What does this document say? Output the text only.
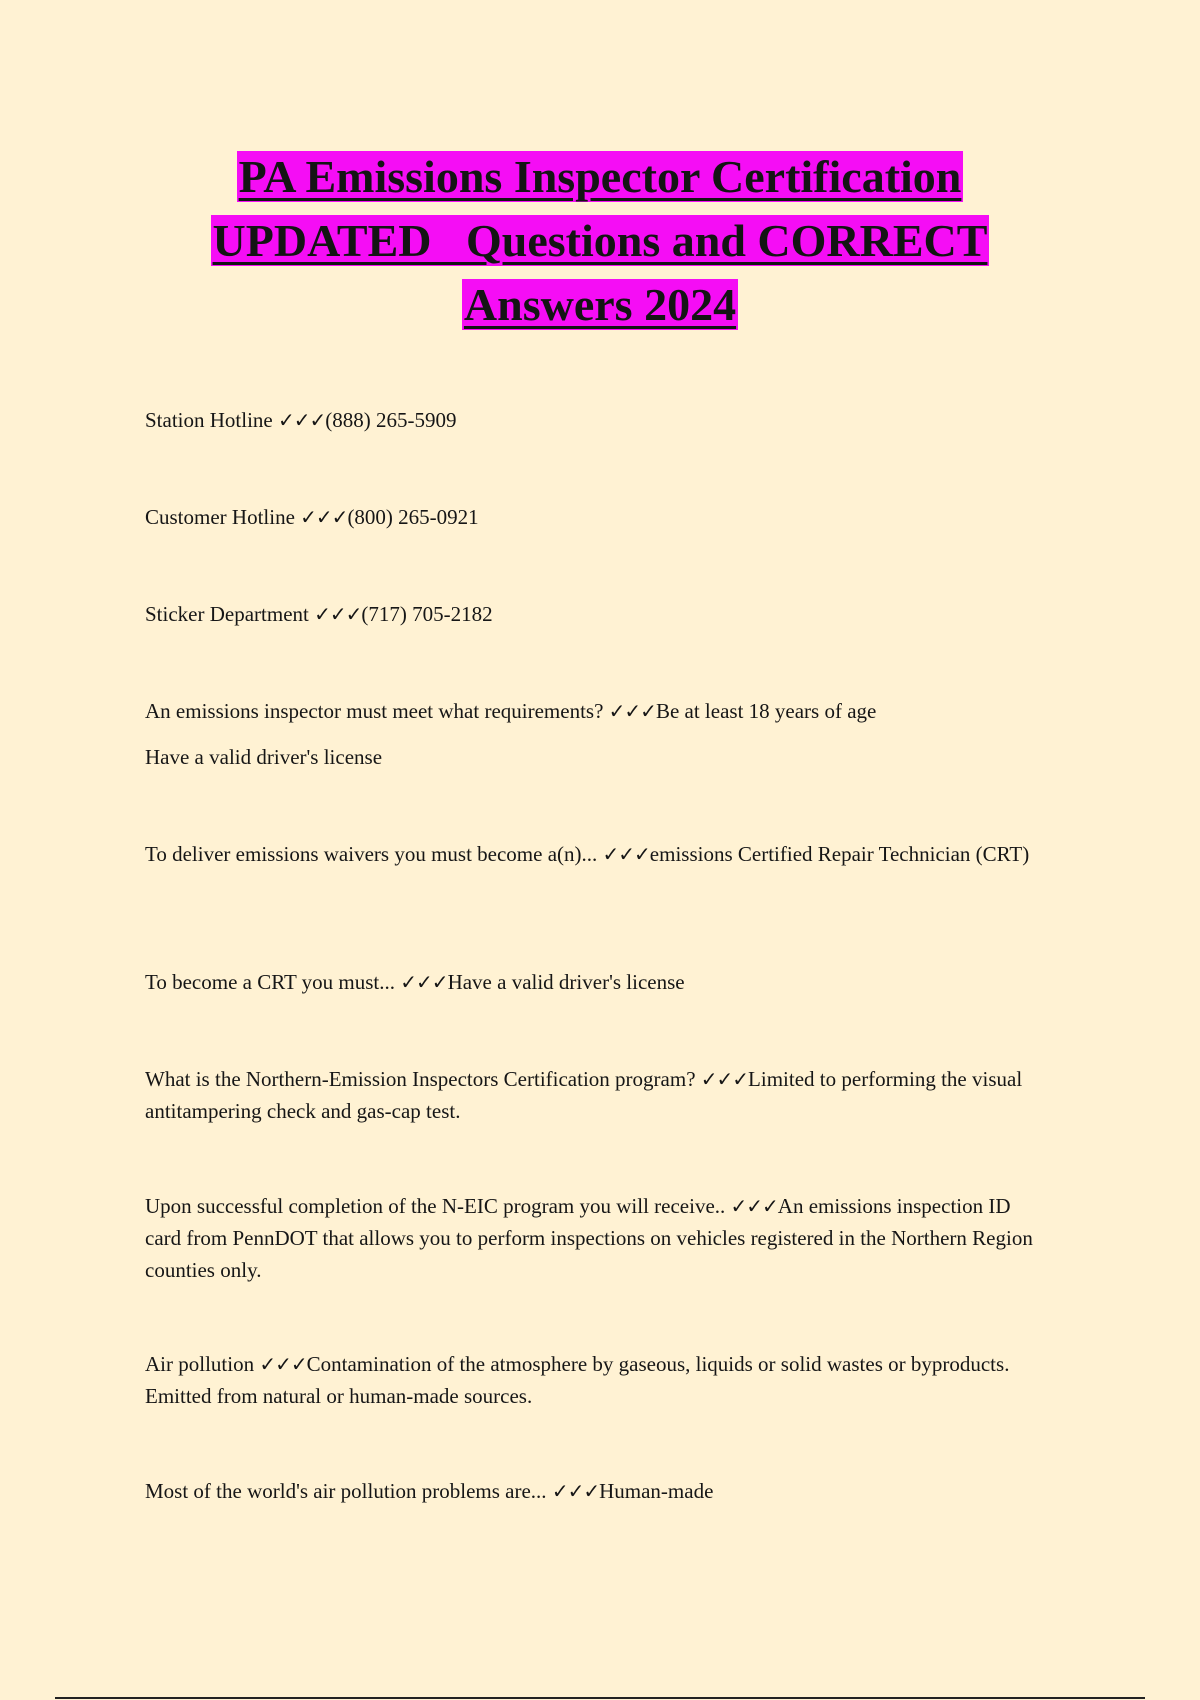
PA Emissions Inspector Certification
UPDATED   Questions and CORRECT
Answers 2024

Station Hotline ✓✓✓(888) 265-5909

Customer Hotline ✓✓✓(800) 265-0921

Sticker Department ✓✓✓(717) 705-2182

An emissions inspector must meet what requirements? ✓✓✓Be at least 18 years of age

Have a valid driver's license

To deliver emissions waivers you must become a(n)... ✓✓✓emissions Certified Repair Technician (CRT)

To become a CRT you must... ✓✓✓Have a valid driver's license

What is the Northern-Emission Inspectors Certification program? ✓✓✓Limited to performing the visual antitampering check and gas-cap test.

Upon successful completion of the N-EIC program you will receive.. ✓✓✓An emissions inspection ID card from PennDOT that allows you to perform inspections on vehicles registered in the Northern Region counties only.

Air pollution ✓✓✓Contamination of the atmosphere by gaseous, liquids or solid wastes or byproducts. Emitted from natural or human-made sources.

Most of the world's air pollution problems are... ✓✓✓Human-made
